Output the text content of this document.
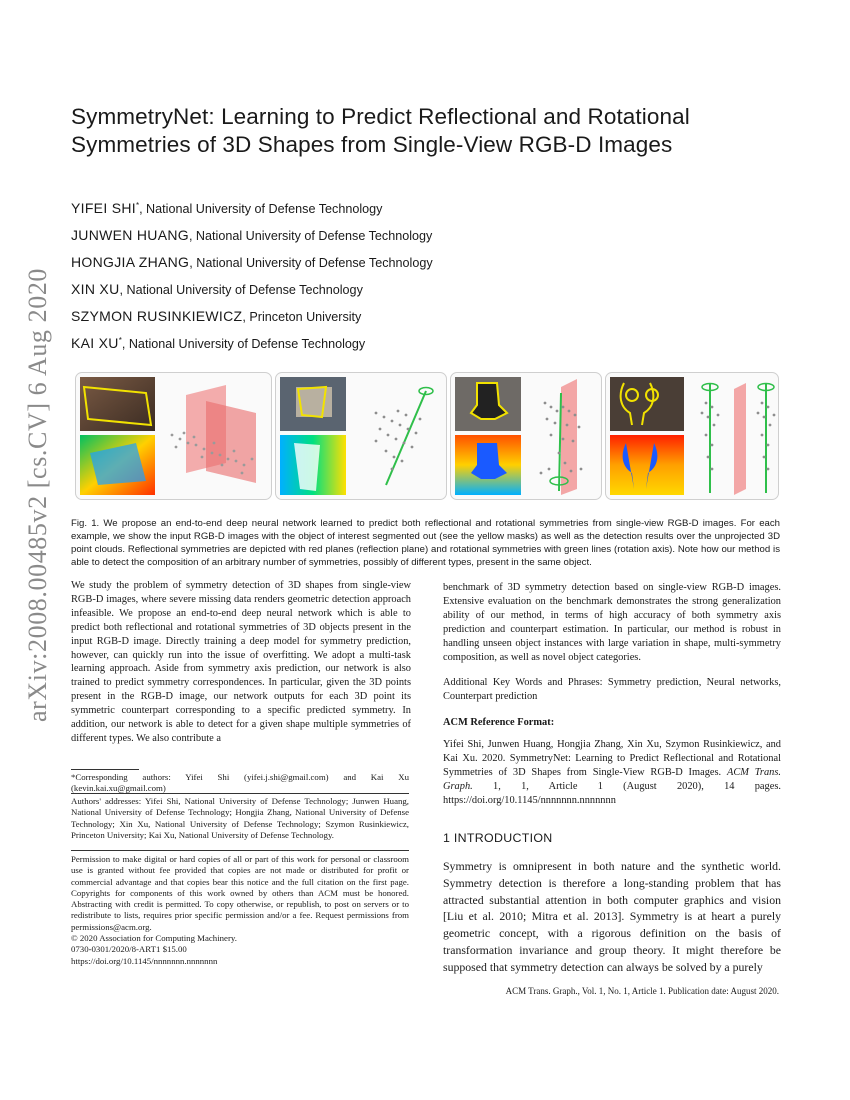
arXiv:2008.00485v2 [cs.CV] 6 Aug 2020
SymmetryNet: Learning to Predict Reflectional and Rotational Symmetries of 3D Shapes from Single-View RGB-D Images
YIFEI SHI*, National University of Defense Technology
JUNWEN HUANG, National University of Defense Technology
HONGJIA ZHANG, National University of Defense Technology
XIN XU, National University of Defense Technology
SZYMON RUSINKIEWICZ, Princeton University
KAI XU*, National University of Defense Technology
Fig. 1. We propose an end-to-end deep neural network learned to predict both reflectional and rotational symmetries from single-view RGB-D images. For each example, we show the input RGB-D images with the object of interest segmented out (see the yellow masks) as well as the detection results over the unprojected 3D point clouds. Reflectional symmetries are depicted with red planes (reflection plane) and rotational symmetries with green lines (rotation axis). Note how our method is able to detect the composition of an arbitrary number of symmetries, possibly of different types, present in the same object.

We study the problem of symmetry detection of 3D shapes from single-view RGB-D images, where severe missing data renders geometric detection approach infeasible. We propose an end-to-end deep neural network which is able to predict both reflectional and rotational symmetries of 3D objects present in the input RGB-D image. Directly training a deep model for symmetry prediction, however, can quickly run into the issue of overfitting. We adopt a multi-task learning approach. Aside from symmetry axis prediction, our network is also trained to predict symmetry correspondences. In particular, given the 3D points present in the RGB-D image, our network outputs for each 3D point its symmetric counterpart corresponding to a specific predicted symmetry. In addition, our network is able to detect for a given shape multiple symmetries of different types. We also contribute a

*Corresponding authors: Yifei Shi (yifei.j.shi@gmail.com) and Kai Xu (kevin.kai.xu@gmail.com)
Authors' addresses: Yifei Shi, National University of Defense Technology; Junwen Huang, National University of Defense Technology; Hongjia Zhang, National University of Defense Technology; Xin Xu, National University of Defense Technology; Szymon Rusinkiewicz, Princeton University; Kai Xu, National University of Defense Technology.

Permission to make digital or hard copies of all or part of this work for personal or classroom use is granted without fee provided that copies are not made or distributed for profit or commercial advantage and that copies bear this notice and the full citation on the first page. Copyrights for components of this work owned by others than ACM must be honored. Abstracting with credit is permitted. To copy otherwise, or republish, to post on servers or to redistribute to lists, requires prior specific permission and/or a fee. Request permissions from permissions@acm.org.

© 2020 Association for Computing Machinery.

0730-0301/2020/8-ART1 $15.00

https://doi.org/10.1145/nnnnnnn.nnnnnnn

benchmark of 3D symmetry detection based on single-view RGB-D images. Extensive evaluation on the benchmark demonstrates the strong generalization ability of our method, in terms of high accuracy of both symmetry axis prediction and counterpart estimation. In particular, our method is robust in handling unseen object instances with large variation in shape, multi-symmetry composition, as well as novel object categories.

Additional Key Words and Phrases: Symmetry prediction, Neural networks, Counterpart prediction

ACM Reference Format:

Yifei Shi, Junwen Huang, Hongjia Zhang, Xin Xu, Szymon Rusinkiewicz, and Kai Xu. 2020. SymmetryNet: Learning to Predict Reflectional and Rotational Symmetries of 3D Shapes from Single-View RGB-D Images. ACM Trans. Graph. 1, 1, Article 1 (August 2020), 14 pages. https://doi.org/10.1145/nnnnnnn.nnnnnnn

1 INTRODUCTION
Symmetry is omnipresent in both nature and the synthetic world. Symmetry detection is therefore a long-standing problem that has attracted substantial attention in both computer graphics and vision [Liu et al. 2010; Mitra et al. 2013]. Symmetry is at heart a purely geometric concept, with a rigorous definition on the basis of transformation invariance and group theory. It might therefore be supposed that symmetry detection can always be solved by a purely
ACM Trans. Graph., Vol. 1, No. 1, Article 1. Publication date: August 2020.
